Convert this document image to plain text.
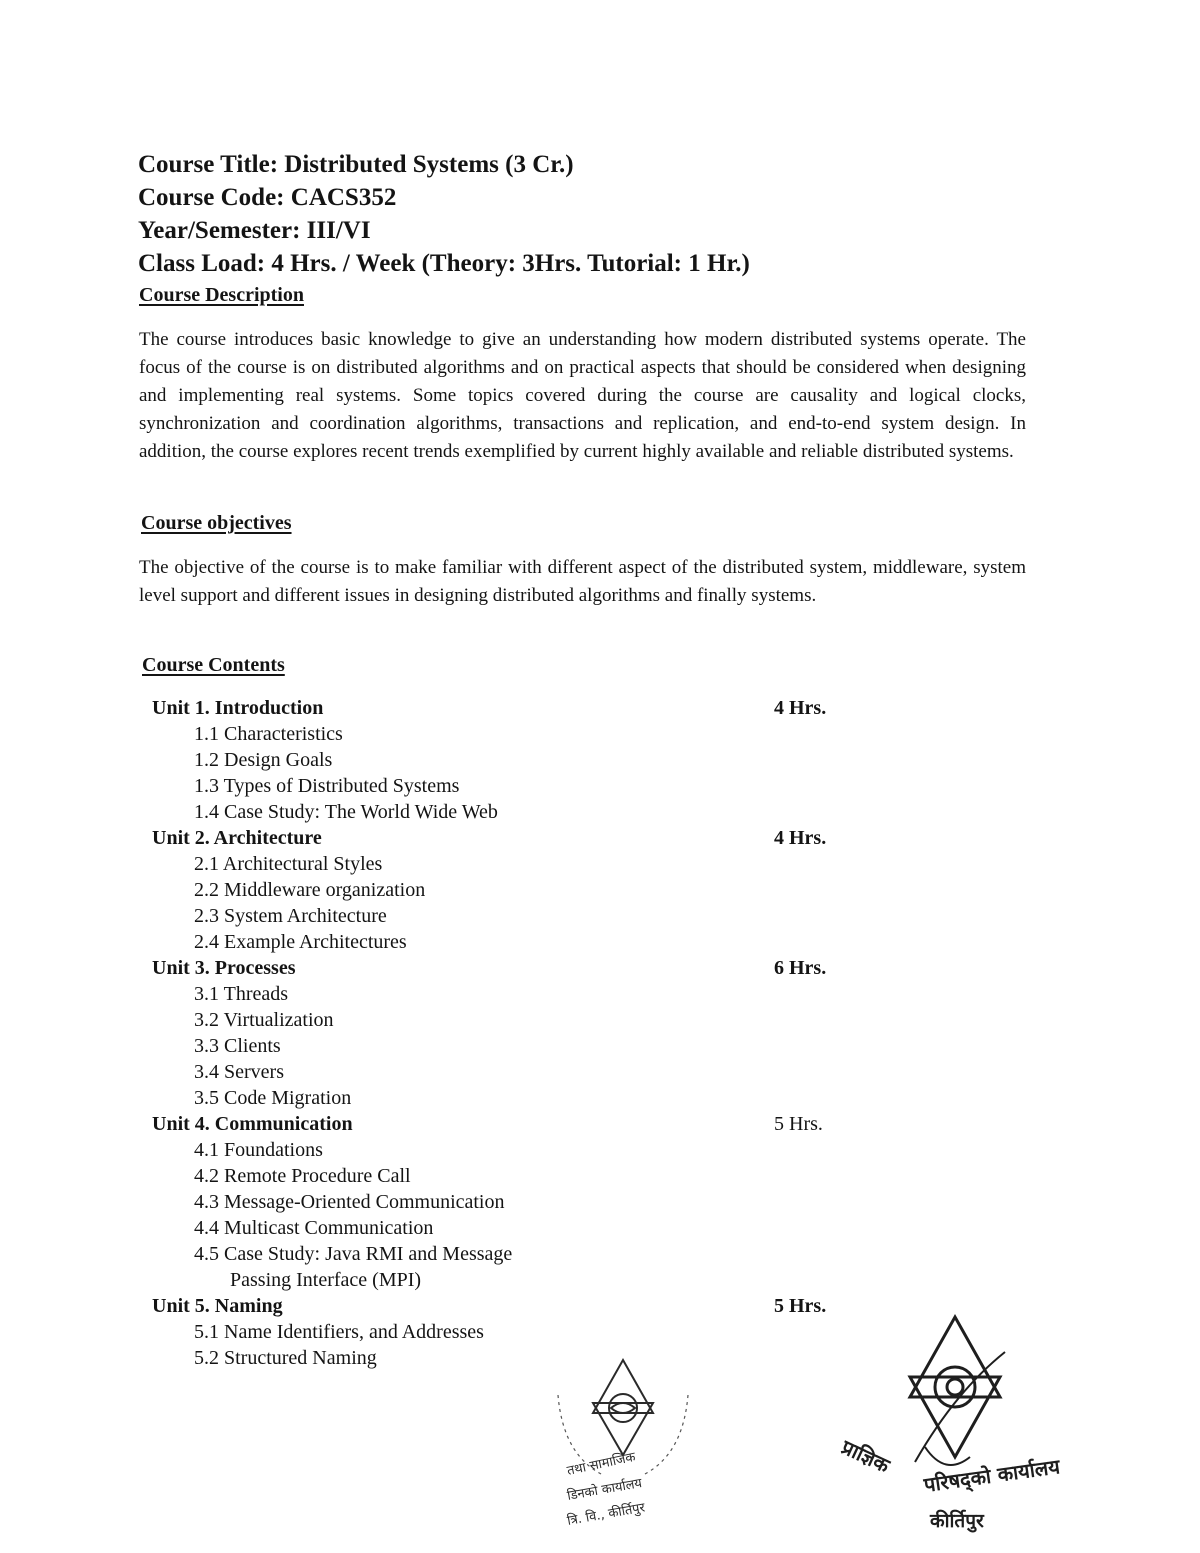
Course Title: Distributed Systems (3 Cr.)
Course Code: CACS352
Year/Semester: III/VI
Class Load: 4 Hrs. / Week (Theory: 3Hrs. Tutorial: 1 Hr.)
Course Description

The course introduces basic knowledge to give an understanding how modern distributed systems operate. The focus of the course is on distributed algorithms and on practical aspects that should be considered when designing and implementing real systems. Some topics covered during the course are causality and logical clocks, synchronization and coordination algorithms, transactions and replication, and end-to-end system design. In addition, the course explores recent trends exemplified by current highly available and reliable distributed systems.

Course objectives

The objective of the course is to make familiar with different aspect of the distributed system, middleware, system level support and different issues in designing distributed algorithms and finally systems.

Course Contents
Unit 1. Introduction	4 Hrs.
1.1 Characteristics
1.2 Design Goals
1.3 Types of Distributed Systems
1.4 Case Study: The World Wide Web
Unit 2. Architecture	4 Hrs.
2.1 Architectural Styles
2.2 Middleware organization
2.3 System Architecture
2.4 Example Architectures
Unit 3. Processes	6 Hrs.
3.1 Threads
3.2 Virtualization
3.3 Clients
3.4 Servers
3.5 Code Migration
Unit 4. Communication	5 Hrs.
4.1 Foundations
4.2 Remote Procedure Call
4.3 Message-Oriented Communication
4.4 Multicast Communication
4.5 Case Study: Java RMI and Message
Passing Interface (MPI)
Unit 5. Naming	5 Hrs.
5.1 Name Identifiers, and Addresses
5.2 Structured Naming
तथा सामाजिक
डिनको कार्यालय
त्रि. वि., कीर्तिपुर
प्राज्ञिक परिषद्को कार्यालय
कीर्तिपुर
